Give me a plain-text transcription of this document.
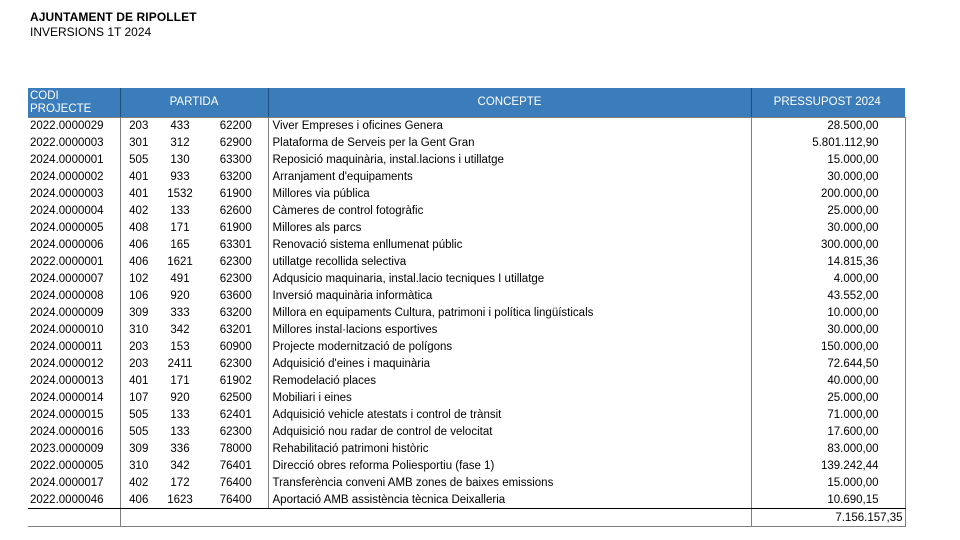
AJUNTAMENT DE RIPOLLET
INVERSIONS 1T 2024
CODI PROJECTE	PARTIDA			CONCEPTE	PRESSUPOST 2024
2022.0000029	203	433	62200	Viver Empreses i oficines Genera	28.500,00
2022.0000003	301	312	62900	Plataforma de Serveis per la Gent Gran	5.801.112,90
2024.0000001	505	130	63300	Reposició maquinària, instal.lacions i utillatge	15.000,00
2024.0000002	401	933	63200	Arranjament d'equipaments	30.000,00
2024.0000003	401	1532	61900	Millores via pública	200.000,00
2024.0000004	402	133	62600	Càmeres de control fotogràfic	25.000,00
2024.0000005	408	171	61900	Millores als parcs	30.000,00
2024.0000006	406	165	63301	Renovació sistema enllumenat públic	300.000,00
2022.0000001	406	1621	62300	utillatge recollida selectiva	14.815,36
2024.0000007	102	491	62300	Adqusicio maquinaria, instal.lacio tecniques I utillatge	4.000,00
2024.0000008	106	920	63600	Inversió maquinària informàtica	43.552,00
2024.0000009	309	333	63200	Millora en equipaments Cultura, patrimoni i política lingüísticals	10.000,00
2024.0000010	310	342	63201	Millores instal·lacions esportives	30.000,00
2024.0000011	203	153	60900	Projecte modernització de polígons	150.000,00
2024.0000012	203	2411	62300	Adquisició d'eines i maquinària	72.644,50
2024.0000013	401	171	61902	Remodelació places	40.000,00
2024.0000014	107	920	62500	Mobiliari i eines	25.000,00
2024.0000015	505	133	62401	Adquisició vehicle atestats i control de trànsit	71.000,00
2024.0000016	505	133	62300	Adquisició nou radar de control de velocitat	17.600,00
2023.0000009	309	336	78000	Rehabilitació patrimoni històric	83.000,00
2022.0000005	310	342	76401	Direcció obres reforma Poliesportiu (fase 1)	139.242,44
2024.0000017	402	172	76400	Transferència conveni AMB zones de baixes emissions	15.000,00
2022.0000046	406	1623	76400	Aportació AMB assistència tècnica Deixalleria	10.690,15
					7.156.157,35
